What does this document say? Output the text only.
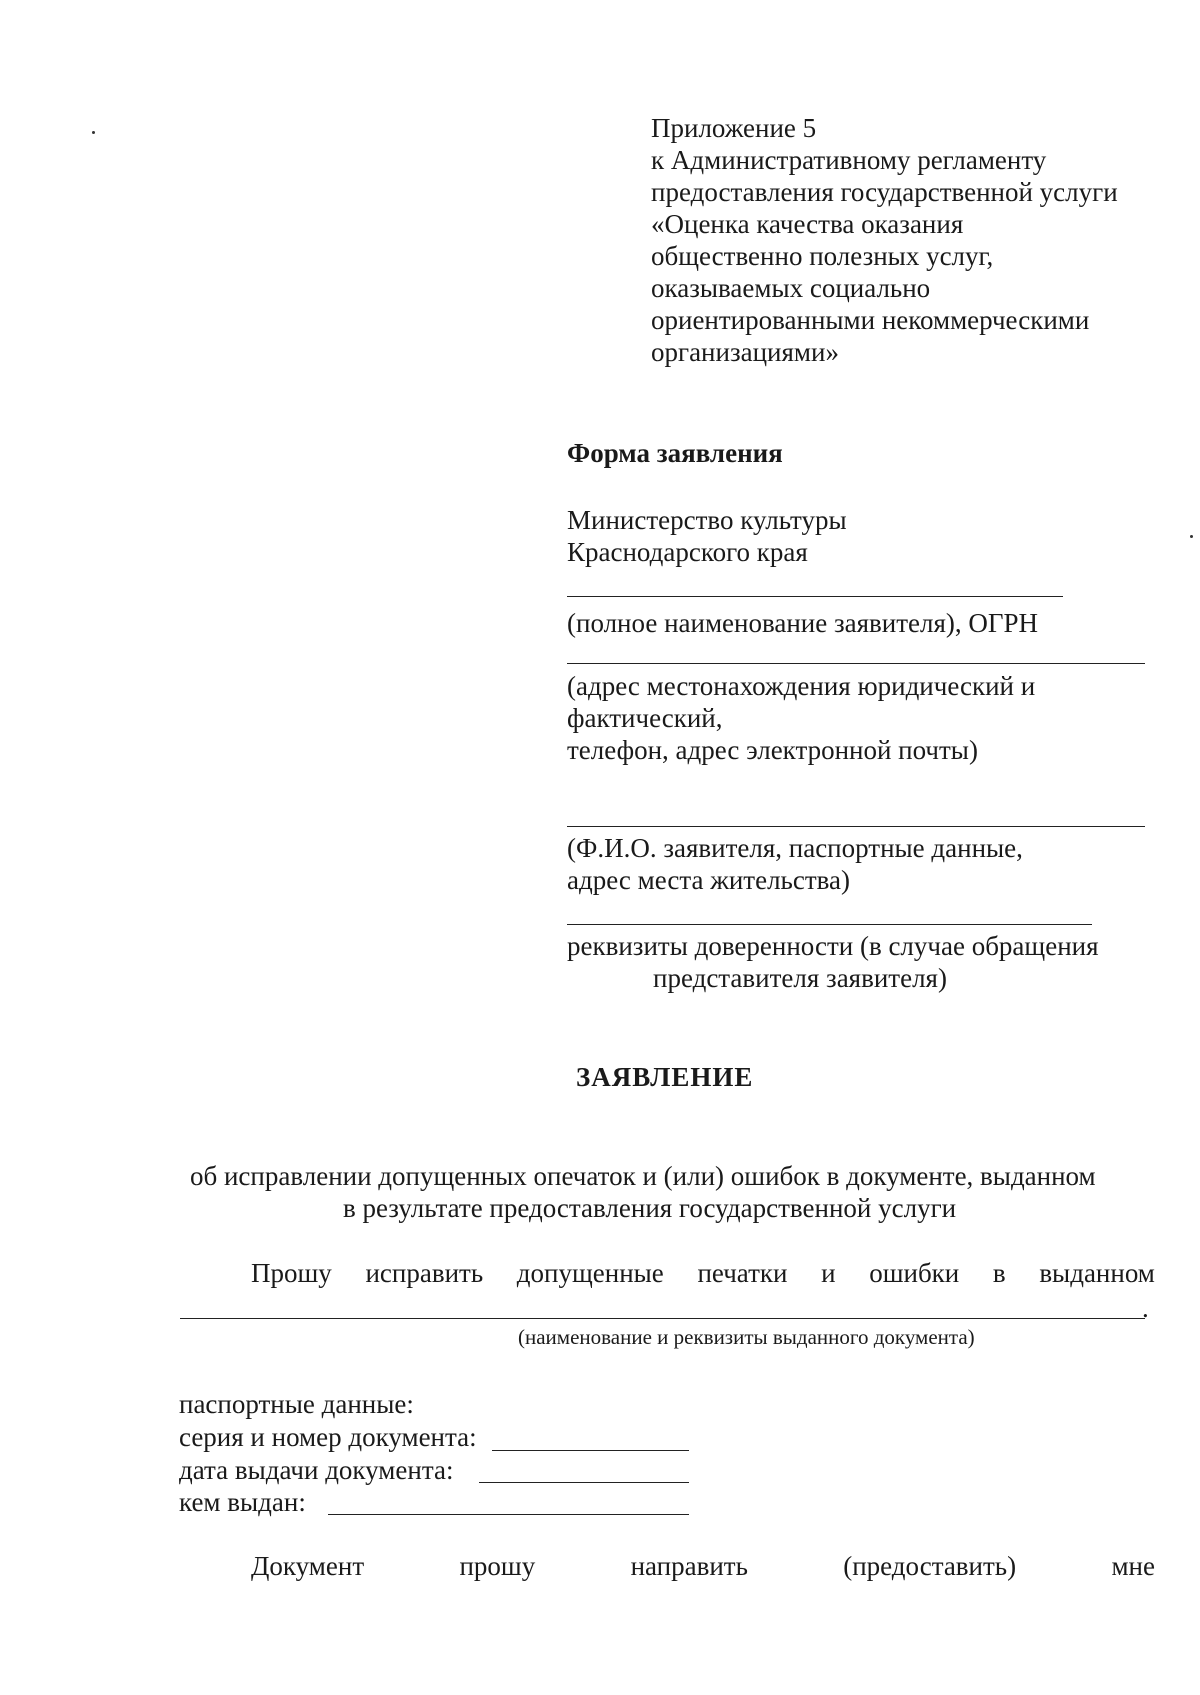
Приложение 5
к Административному регламенту
предоставления государственной услуги
«Оценка качества оказания
общественно полезных услуг,
оказываемых социально
ориентированными некоммерческими
организациями»
Форма заявления
Министерство культуры
Краснодарского края
(полное наименование заявителя), ОГРН
(адрес местонахождения юридический и
фактический,
телефон, адрес электронной почты)
(Ф.И.О. заявителя, паспортные данные,
адрес места жительства)
реквизиты доверенности (в случае обращения
представителя заявителя)
ЗАЯВЛЕНИЕ
об исправлении допущенных опечаток и (или) ошибок в документе, выданном
в результате предоставления государственной услуги
Прошу исправить допущенные печатки и ошибки в выданном
.
(наименование и реквизиты выданного документа)
паспортные данные:
серия и номер документа:
дата выдачи документа:
кем выдан:
Документ	прошу	направить	(предоставить)	мне
